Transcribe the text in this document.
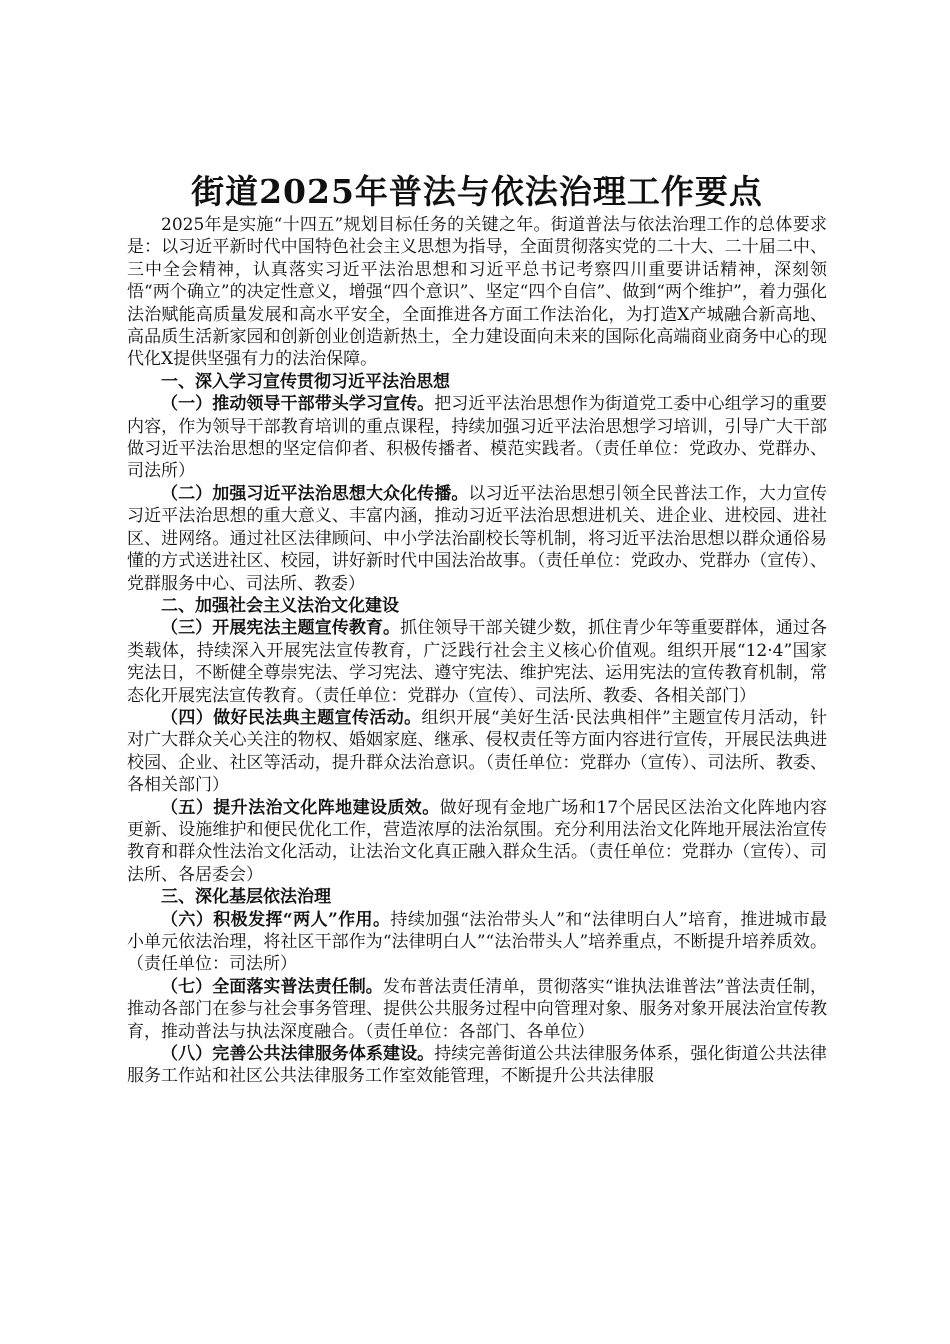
街道2025年普法与依法治理工作要点

2025年是实施“十四五”规划目标任务的关键之年。街道普法与依法治理工作的总体要求是：以习近平新时代中国特色社会主义思想为指导，全面贯彻落实党的二十大、二十届二中、三中全会精神，认真落实习近平法治思想和习近平总书记考察四川重要讲话精神，深刻领悟“两个确立”的决定性意义，增强“四个意识”、坚定“四个自信”、做到“两个维护”，着力强化法治赋能高质量发展和高水平安全，全面推进各方面工作法治化，为打造X产城融合新高地、高品质生活新家园和创新创业创造新热土，全力建设面向未来的国际化高端商业商务中心的现代化X提供坚强有力的法治保障。

一、深入学习宣传贯彻习近平法治思想

（一）推动领导干部带头学习宣传。把习近平法治思想作为街道党工委中心组学习的重要内容，作为领导干部教育培训的重点课程，持续加强习近平法治思想学习培训，引导广大干部做习近平法治思想的坚定信仰者、积极传播者、模范实践者。（责任单位：党政办、党群办、司法所）

（二）加强习近平法治思想大众化传播。以习近平法治思想引领全民普法工作，大力宣传习近平法治思想的重大意义、丰富内涵，推动习近平法治思想进机关、进企业、进校园、进社区、进网络。通过社区法律顾问、中小学法治副校长等机制，将习近平法治思想以群众通俗易懂的方式送进社区、校园，讲好新时代中国法治故事。（责任单位：党政办、党群办（宣传）、党群服务中心、司法所、教委）

二、加强社会主义法治文化建设

（三）开展宪法主题宣传教育。抓住领导干部关键少数，抓住青少年等重要群体，通过各类载体，持续深入开展宪法宣传教育，广泛践行社会主义核心价值观。组织开展“12·4”国家宪法日，不断健全尊崇宪法、学习宪法、遵守宪法、维护宪法、运用宪法的宣传教育机制，常态化开展宪法宣传教育。（责任单位：党群办（宣传）、司法所、教委、各相关部门）

（四）做好民法典主题宣传活动。组织开展“美好生活·民法典相伴”主题宣传月活动，针对广大群众关心关注的物权、婚姻家庭、继承、侵权责任等方面内容进行宣传，开展民法典进校园、企业、社区等活动，提升群众法治意识。（责任单位：党群办（宣传）、司法所、教委、各相关部门）

（五）提升法治文化阵地建设质效。做好现有金地广场和17个居民区法治文化阵地内容更新、设施维护和便民优化工作，营造浓厚的法治氛围。充分利用法治文化阵地开展法治宣传教育和群众性法治文化活动，让法治文化真正融入群众生活。（责任单位：党群办（宣传）、司法所、各居委会）

三、深化基层依法治理

（六）积极发挥“两人”作用。持续加强“法治带头人”和“法律明白人”培育，推进城市最小单元依法治理，将社区干部作为“法律明白人”“法治带头人”培养重点，不断提升培养质效。（责任单位：司法所）

（七）全面落实普法责任制。发布普法责任清单，贯彻落实“谁执法谁普法”普法责任制，推动各部门在参与社会事务管理、提供公共服务过程中向管理对象、服务对象开展法治宣传教育，推动普法与执法深度融合。（责任单位：各部门、各单位）

（八）完善公共法律服务体系建设。持续完善街道公共法律服务体系，强化街道公共法律服务工作站和社区公共法律服务工作室效能管理，不断提升公共法律服
